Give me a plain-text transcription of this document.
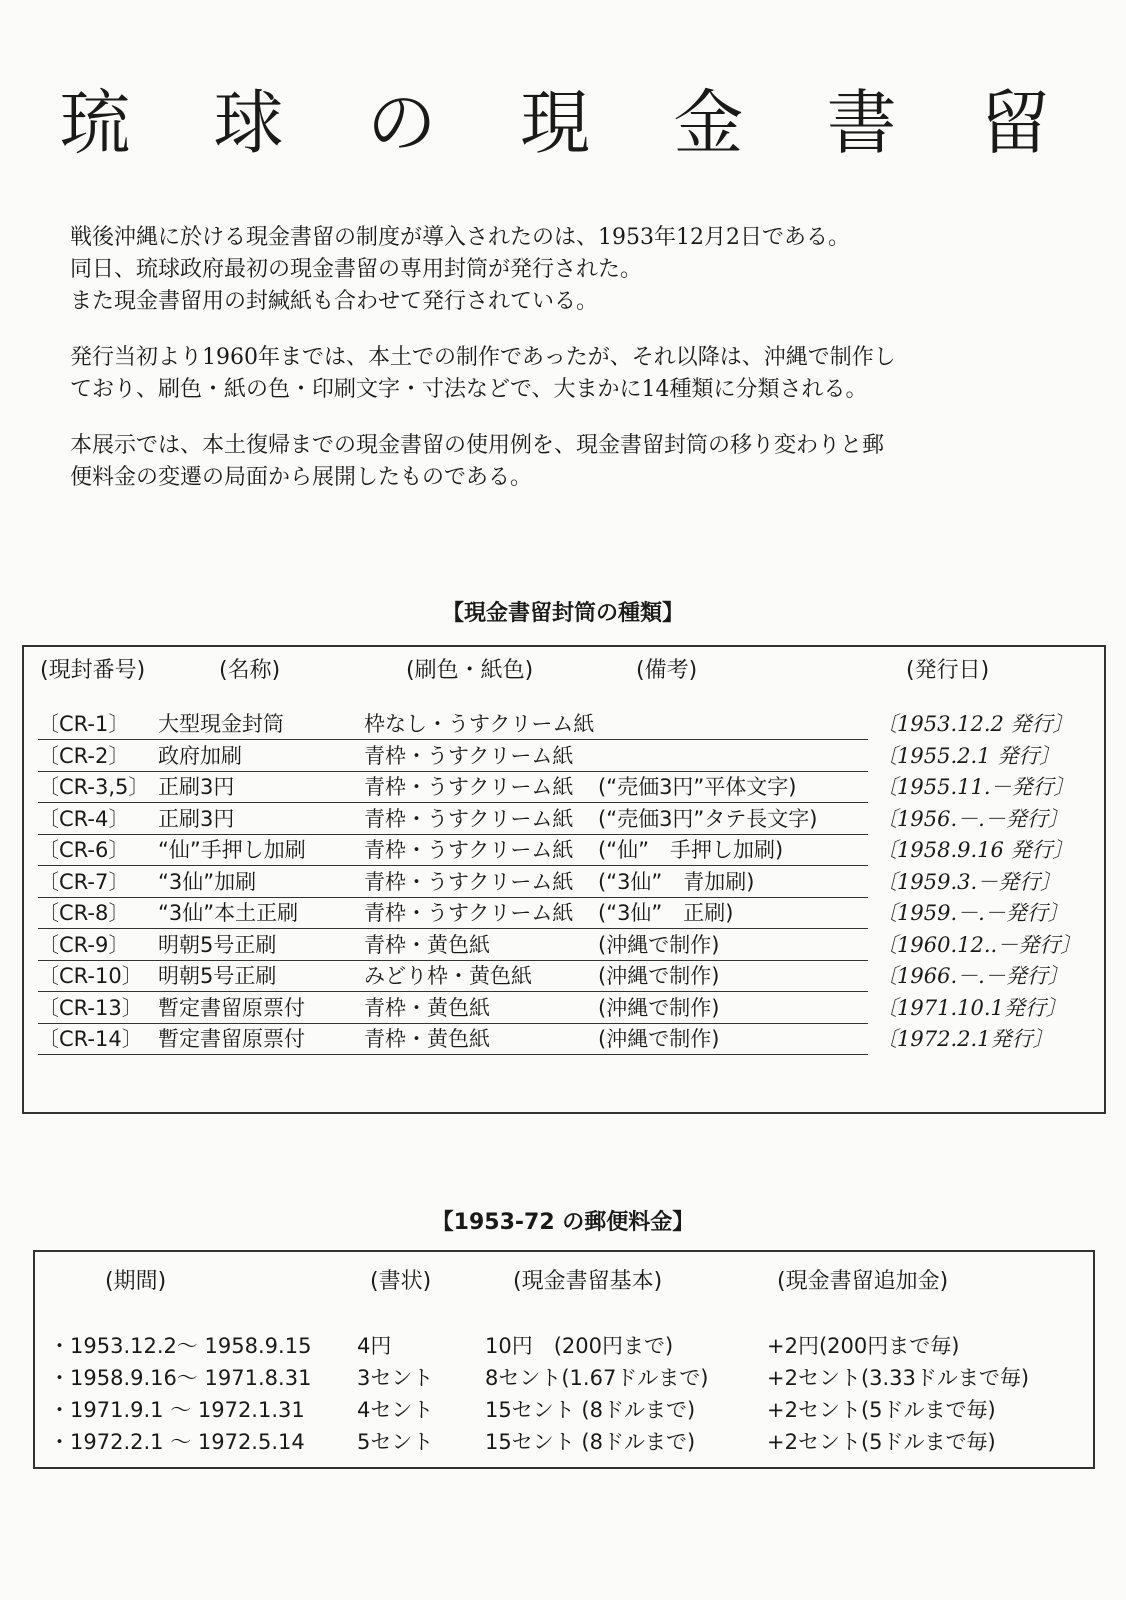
琉 球 の 現 金 書 留

戦後沖縄に於ける現金書留の制度が導入されたのは、1953年12月2日である。
同日、琉球政府最初の現金書留の専用封筒が発行された。
また現金書留用の封緘紙も合わせて発行されている。

発行当初より1960年までは、本土での制作であったが、それ以降は、沖縄で制作し
ており、刷色・紙の色・印刷文字・寸法などで、大まかに14種類に分類される。

本展示では、本土復帰までの現金書留の使用例を、現金書留封筒の移り変わりと郵
便料金の変遷の局面から展開したものである。

【現金書留封筒の種類】
(現封番号)	(名称)	(刷色・紙色)	(備考)	(発行日)
〔CR-1〕 大型現金封筒	枠なし・うすクリーム紙	〔1953.12.2 発行〕
〔CR-2〕 政府加刷	青枠・うすクリーム紙	〔1955.2.1 発行〕
〔CR-3,5〕 正刷3円	青枠・うすクリーム紙 (“売価3円”平体文字)	〔1955.11.－発行〕
〔CR-4〕 正刷3円	青枠・うすクリーム紙 (“売価3円”タテ長文字)	〔1956.－.－発行〕
〔CR-6〕 “仙”手押し加刷	青枠・うすクリーム紙 (“仙”　手押し加刷)	〔1958.9.16 発行〕
〔CR-7〕 “3仙”加刷	青枠・うすクリーム紙 (“3仙”　青加刷)	〔1959.3.－発行〕
〔CR-8〕 “3仙”本土正刷	青枠・うすクリーム紙 (“3仙”　正刷)	〔1959.－.－発行〕
〔CR-9〕 明朝5号正刷	青枠・黄色紙	(沖縄で制作)	〔1960.12..－発行〕
〔CR-10〕 明朝5号正刷	みどり枠・黄色紙	(沖縄で制作)	〔1966.－.－発行〕
〔CR-13〕 暫定書留原票付	青枠・黄色紙	(沖縄で制作)	〔1971.10.1発行〕
〔CR-14〕 暫定書留原票付	青枠・黄色紙	(沖縄で制作)	〔1972.2.1発行〕
【1953-72 の郵便料金】
(期間)	(書状)	(現金書留基本)	(現金書留追加金)
・1953.12.2～ 1958.9.15 4円	10円　(200円まで)	+2円(200円まで毎)
・1958.9.16～ 1971.8.31 3セント 8セント(1.67ドルまで)	+2セント(3.33ドルまで毎)
・1971.9.1 ～ 1972.1.31 4セント 15セント (8ドルまで)	+2セント(5ドルまで毎)
・1972.2.1 ～ 1972.5.14 5セント 15セント (8ドルまで)	+2セント(5ドルまで毎)
